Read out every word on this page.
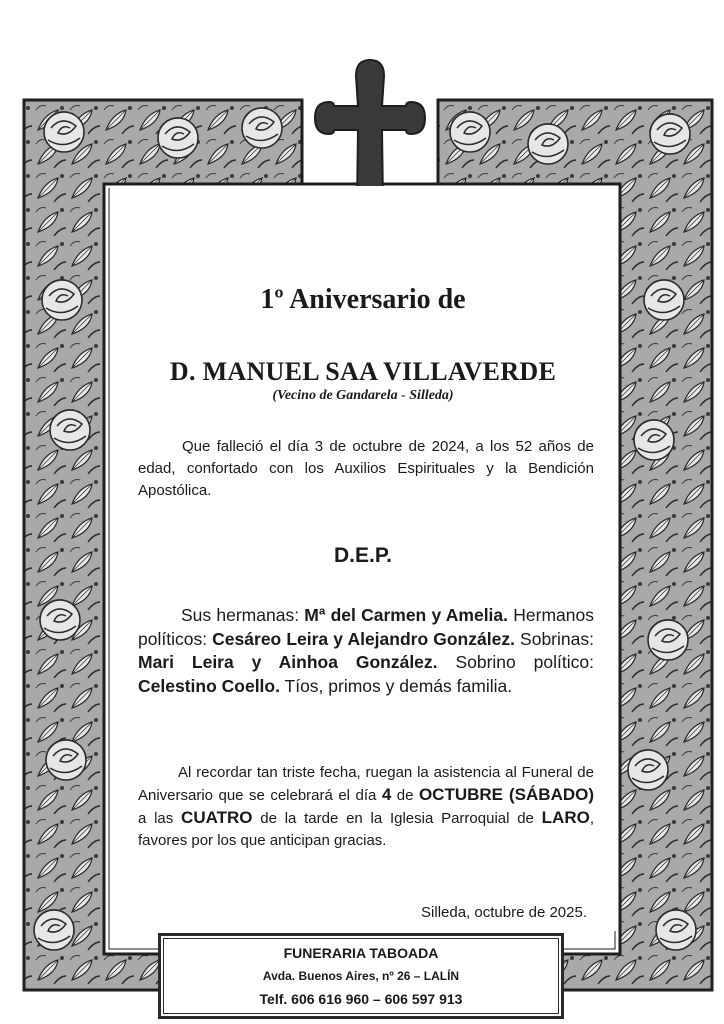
1º Aniversario de
D. MANUEL SAA VILLAVERDE
(Vecino de Gandarela - Silleda)
Que falleció el día 3 de octubre de 2024, a los 52 años de edad, confortado con los Auxilios Espirituales y la Bendición Apostólica.
D.E.P.
Sus hermanas: Mª del Carmen y Amelia. Hermanos políticos: Cesáreo Leira y Alejandro González. Sobrinas: Mari Leira y Ainhoa González. Sobrino político: Celestino Coello. Tíos, primos y demás familia.
Al recordar tan triste fecha, ruegan la asistencia al Funeral de Aniversario que se celebrará el día 4 de OCTUBRE (SÁBADO) a las CUATRO de la tarde en la Iglesia Parroquial de LARO, favores por los que anticipan gracias.
Silleda, octubre de 2025.
FUNERARIA TABOADA
Avda. Buenos Aires, nº 26 – LALÍN
Telf. 606 616 960 – 606 597 913
